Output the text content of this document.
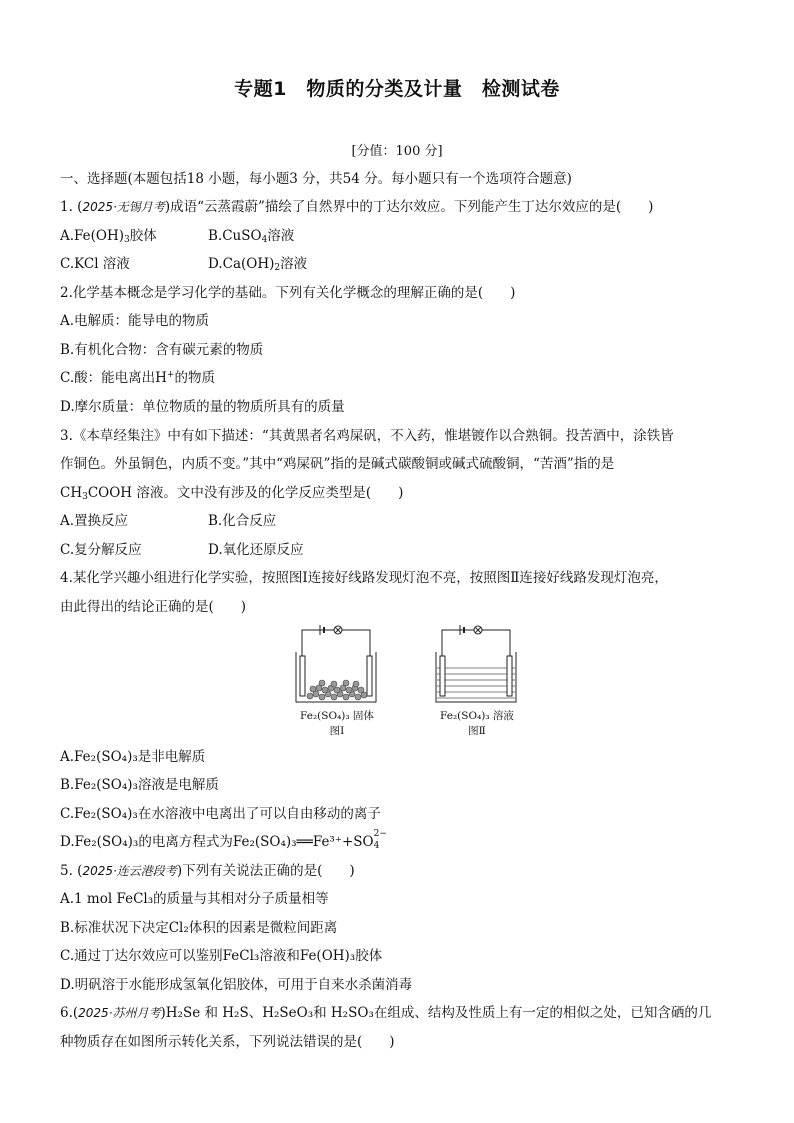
专题1　物质的分类及计量　检测试卷
[分值：100 分]
一、选择题(本题包括18 小题，每小题3 分，共54 分。每小题只有一个选项符合题意)
1. (2025·无锡月考)成语“云蒸霞蔚”描绘了自然界中的丁达尔效应。下列能产生丁达尔效应的是(　　)
$A.Fe(OH)_3$胶体	B.CuSO$_4$溶液
C.KCl 溶液	$D.Ca(OH)_2$溶液
2.化学基本概念是学习化学的基础。下列有关化学概念的理解正确的是(　　)
A.电解质：能导电的物质
B.有机化合物：含有碳元素的物质
C.酸：能电离出H+的物质
D.摩尔质量：单位物质的量的物质所具有的质量
3.《本草经集注》中有如下描述：“其黄黑者名鸡屎矾，不入药，惟堪镀作以合熟铜。投苦酒中，涂铁皆
作铜色。外虽铜色，内质不变。”其中“鸡屎矾”指的是碱式碳酸铜或碱式硫酸铜，“苦酒”指的是
$CH_3COOH$ 溶液。文中没有涉及的化学反应类型是(　　)
A.置换反应	B.化合反应
C.复分解反应	D.氧化还原反应
4.某化学兴趣小组进行化学实验，按照图Ⅰ连接好线路发现灯泡不亮，按照图Ⅱ连接好线路发现灯泡亮，
由此得出的结论正确的是(　　)
Fe₂(SO₄)₃ 固体
图Ⅰ
Fe₂(SO₄)₃ 溶液
图Ⅱ
A.Fe₂(SO₄)₃是非电解质
B.Fe₂(SO₄)₃溶液是电解质
C.Fe₂(SO₄)₃在水溶液中电离出了可以自由移动的离子
D.Fe₂(SO₄)₃的电离方程式为Fe₂(SO₄)₃══Fe³⁺+SO 2−
4

5. (2025·连云港段考)下列有关说法正确的是(　　)
A.1 mol FeCl₃的质量与其相对分子质量相等
B.标准状况下决定Cl₂体积的因素是微粒间距离
C.通过丁达尔效应可以鉴别FeCl₃溶液和Fe(OH)₃胶体
D.明矾溶于水能形成氢氧化铝胶体，可用于自来水杀菌消毒
6.(2025·苏州月考)H₂Se 和 H₂S、H₂SeO₃和 H₂SO₃在组成、结构及性质上有一定的相似之处，已知含硒的几
种物质存在如图所示转化关系，下列说法错误的是(　　)
